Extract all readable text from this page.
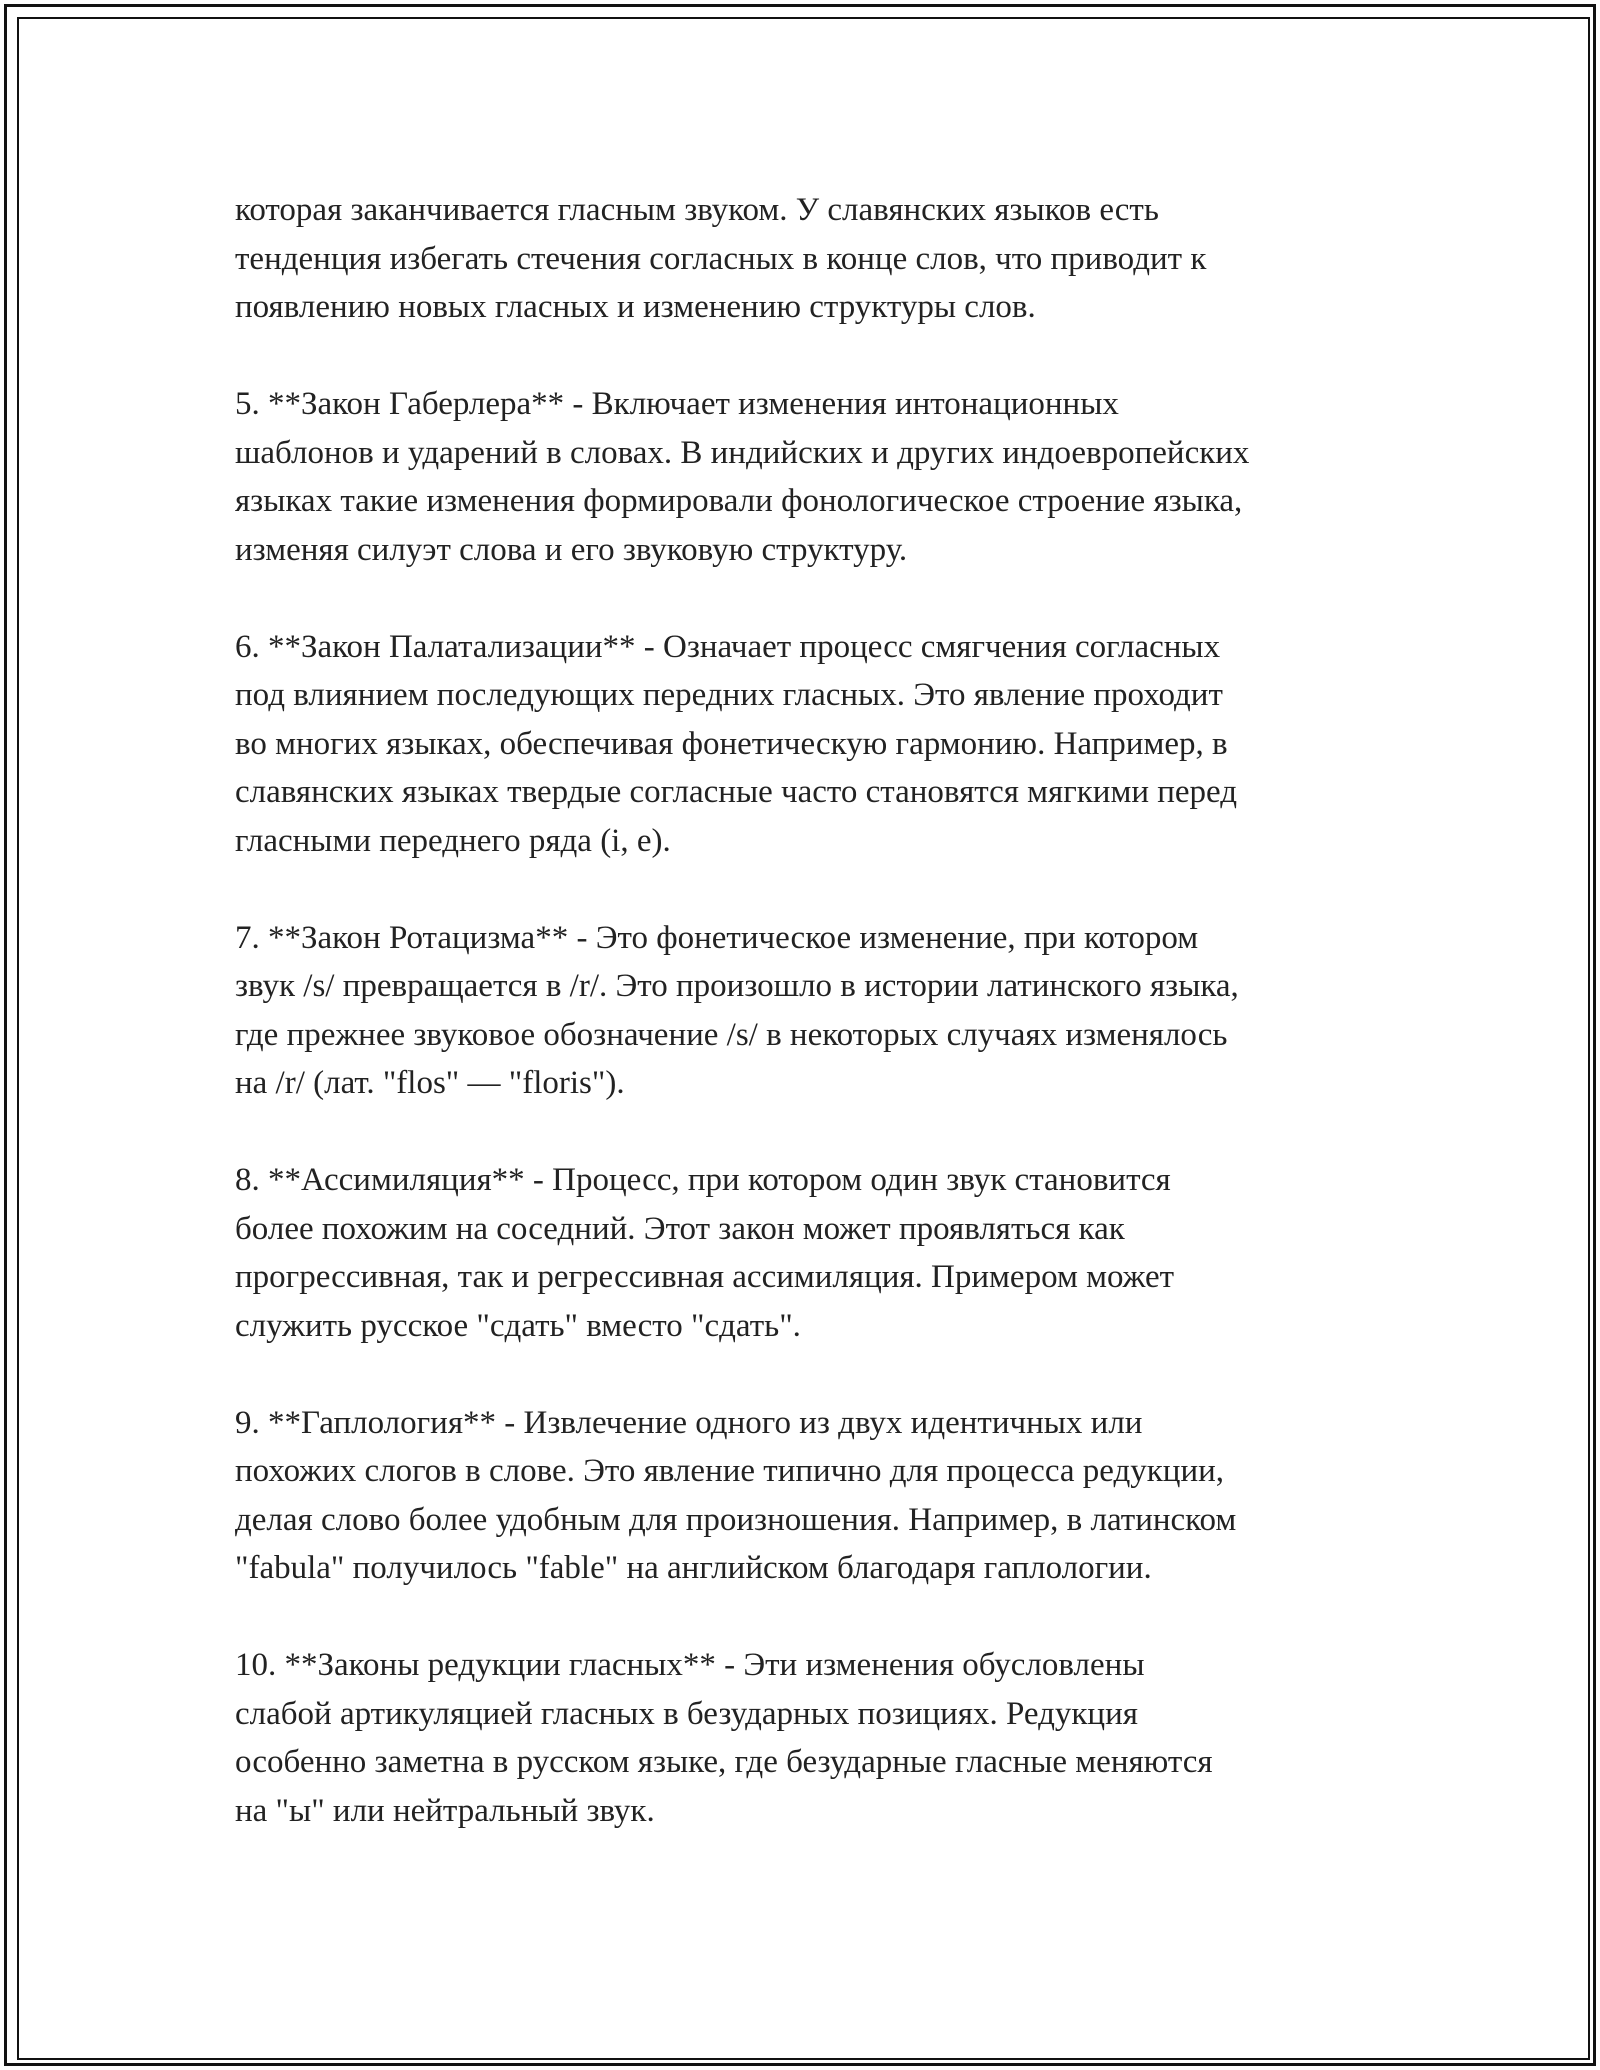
которая заканчивается гласным звуком. У славянских языков есть
тенденция избегать стечения согласных в конце слов, что приводит к
появлению новых гласных и изменению структуры слов.

5. **Закон Габерлера** - Включает изменения интонационных
шаблонов и ударений в словах. В индийских и других индоевропейских
языках такие изменения формировали фонологическое строение языка,
изменяя силуэт слова и его звуковую структуру.

6. **Закон Палатализации** - Означает процесс смягчения согласных
под влиянием последующих передних гласных. Это явление проходит
во многих языках, обеспечивая фонетическую гармонию. Например, в
славянских языках твердые согласные часто становятся мягкими перед
гласными переднего ряда (i, e).

7. **Закон Ротацизма** - Это фонетическое изменение, при котором
звук /s/ превращается в /r/. Это произошло в истории латинского языка,
где прежнее звуковое обозначение /s/ в некоторых случаях изменялось
на /r/ (лат. "flos" — "floris").

8. **Ассимиляция** - Процесс, при котором один звук становится
более похожим на соседний. Этот закон может проявляться как
прогрессивная, так и регрессивная ассимиляция. Примером может
служить русское "сдать" вместо "сдать".

9. **Гаплология** - Извлечение одного из двух идентичных или
похожих слогов в слове. Это явление типично для процесса редукции,
делая слово более удобным для произношения. Например, в латинском
"fabula" получилось "fable" на английском благодаря гаплологии.

10. **Законы редукции гласных** - Эти изменения обусловлены
слабой артикуляцией гласных в безударных позициях. Редукция
особенно заметна в русском языке, где безударные гласные меняются
на "ы" или нейтральный звук.
